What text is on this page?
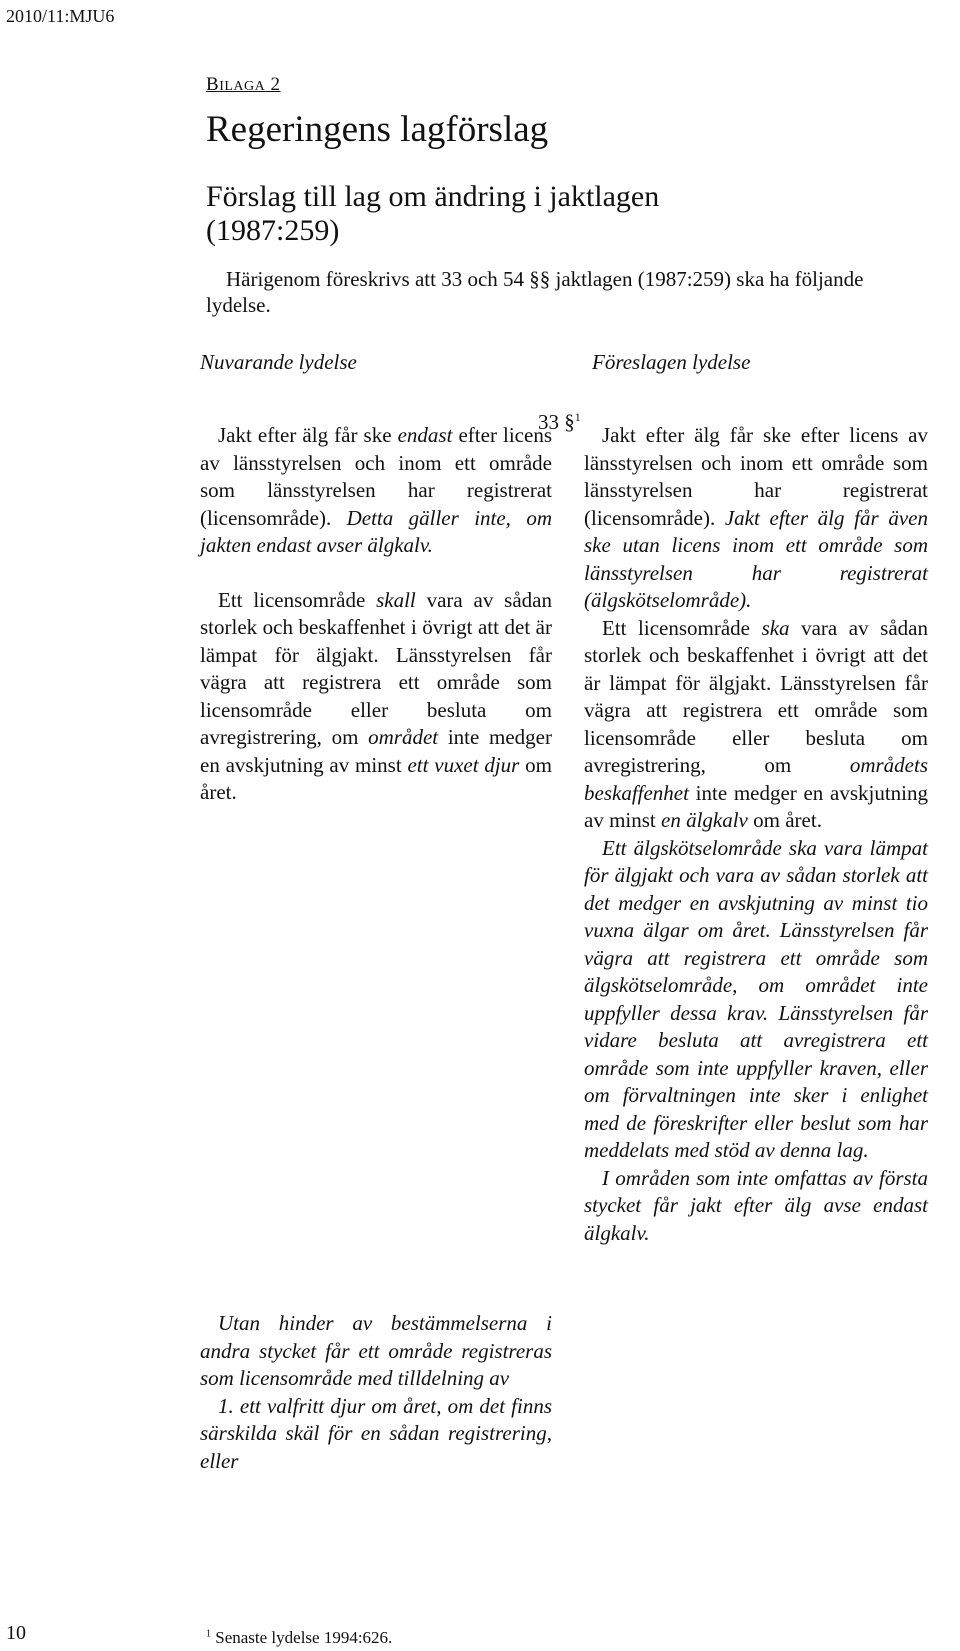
2010/11:MJU6
BILAGA 2
Regeringens lagförslag
Förslag till lag om ändring i jaktlagen (1987:259)
Härigenom föreskrivs att 33 och 54 §§ jaktlagen (1987:259) ska ha följande lydelse.
Nuvarande lydelse	Föreslagen lydelse
33 §$^1$

Jakt efter älg får ske endast efter licens av länsstyrelsen och inom ett område som länsstyrelsen har registrerat (licensområde). Detta gäller inte, om jakten endast avser älgkalv.

Ett licensområde skall vara av sådan storlek och beskaffenhet i övrigt att det är lämpat för älgjakt. Länsstyrelsen får vägra att registrera ett område som licensområde eller besluta om avregistrering, om området inte medger en avskjutning av minst ett vuxet djur om året.

Utan hinder av bestämmelserna i andra stycket får ett område registreras som licensområde med tilldelning av

1. ett valfritt djur om året, om det finns särskilda skäl för en sådan registrering, eller

Jakt efter älg får ske efter licens av länsstyrelsen och inom ett område som länsstyrelsen har registrerat (licensområde). Jakt efter älg får även ske utan licens inom ett område som länsstyrelsen har registrerat (älgskötselområde).

Ett licensområde ska vara av sådan storlek och beskaffenhet i övrigt att det är lämpat för älgjakt. Länsstyrelsen får vägra att registrera ett område som licensområde eller besluta om avregistrering, om områdets beskaffenhet inte medger en avskjutning av minst en älgkalv om året.

Ett älgskötselområde ska vara lämpat för älgjakt och vara av sådan storlek att det medger en avskjutning av minst tio vuxna älgar om året. Länsstyrelsen får vägra att registrera ett område som älgskötselområde, om området inte uppfyller dessa krav. Länsstyrelsen får vidare besluta att avregistrera ett område som inte uppfyller kraven, eller om förvaltningen inte sker i enlighet med de föreskrifter eller beslut som har meddelats med stöd av denna lag.

I områden som inte omfattas av första stycket får jakt efter älg avse endast älgkalv.

10	$^1$ Senaste lydelse 1994:626.
